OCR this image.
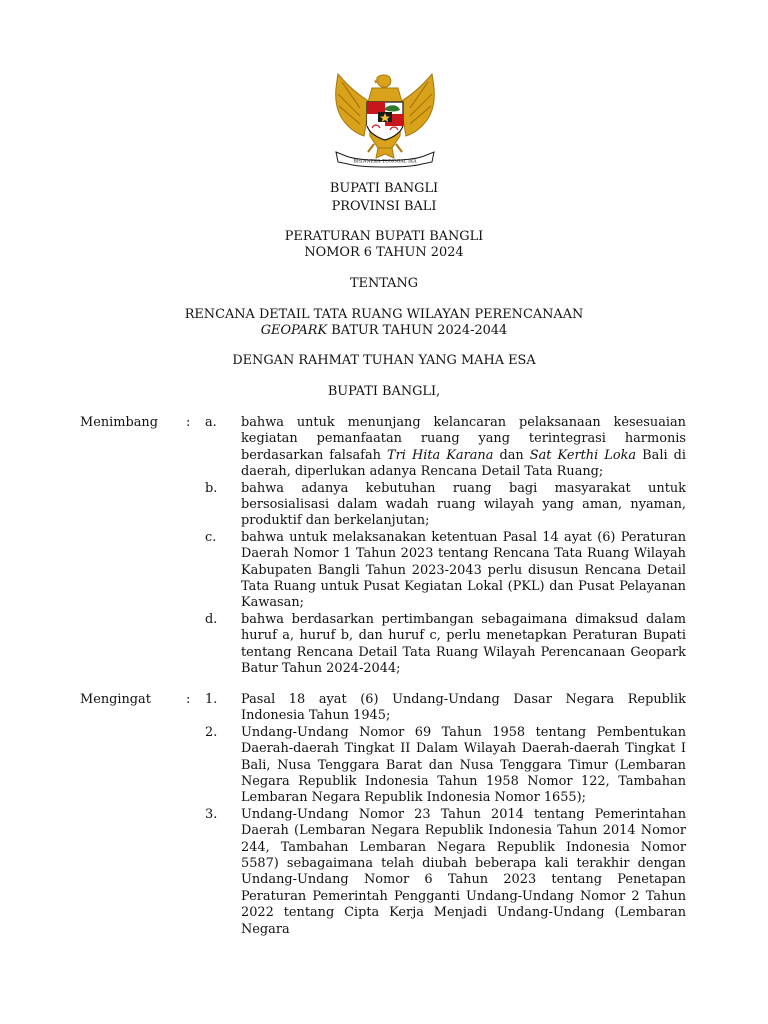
BHINNEKA TUNGGAL IKA
BUPATI BANGLI
PROVINSI BALI
PERATURAN BUPATI BANGLI
NOMOR 6 TAHUN 2024
TENTANG
RENCANA DETAIL TATA RUANG WILAYAN PERENCANAAN
GEOPARK BATUR TAHUN 2024-2044
DENGAN RAHMAT TUHAN YANG MAHA ESA
BUPATI BANGLI,
Menimbang : a. bahwa untuk menunjang kelancaran pelaksanaan kesesuaian kegiatan pemanfaatan ruang yang terintegrasi harmonis berdasarkan falsafah Tri Hita Karana dan Sat Kerthi Loka Bali di daerah, diperlukan adanya Rencana Detail Tata Ruang;
b. bahwa adanya kebutuhan ruang bagi masyarakat untuk bersosialisasi dalam wadah ruang wilayah yang aman, nyaman, produktif dan berkelanjutan;
c. bahwa untuk melaksanakan ketentuan Pasal 14 ayat (6) Peraturan Daerah Nomor 1 Tahun 2023 tentang Rencana Tata Ruang Wilayah Kabupaten Bangli Tahun 2023-2043 perlu disusun Rencana Detail Tata Ruang untuk Pusat Kegiatan Lokal (PKL) dan Pusat Pelayanan Kawasan;
d. bahwa berdasarkan pertimbangan sebagaimana dimaksud dalam huruf a, huruf b, dan huruf c, perlu menetapkan Peraturan Bupati tentang Rencana Detail Tata Ruang Wilayah Perencanaan Geopark Batur Tahun 2024-2044;
Mengingat	: 1. Pasal 18 ayat (6) Undang-Undang Dasar Negara Republik Indonesia Tahun 1945;
2. Undang-Undang Nomor 69 Tahun 1958 tentang Pembentukan Daerah-daerah Tingkat II Dalam Wilayah Daerah-daerah Tingkat I Bali, Nusa Tenggara Barat dan Nusa Tenggara Timur (Lembaran Negara Republik Indonesia Tahun 1958 Nomor 122, Tambahan Lembaran Negara Republik Indonesia Nomor 1655);
3. Undang-Undang Nomor 23 Tahun 2014 tentang Pemerintahan Daerah (Lembaran Negara Republik Indonesia Tahun 2014 Nomor 244, Tambahan Lembaran Negara Republik Indonesia Nomor 5587) sebagaimana telah diubah beberapa kali terakhir dengan Undang-Undang Nomor 6 Tahun 2023 tentang Penetapan Peraturan Pemerintah Pengganti Undang-Undang Nomor 2 Tahun 2022 tentang Cipta Kerja Menjadi Undang-Undang (Lembaran Negara
